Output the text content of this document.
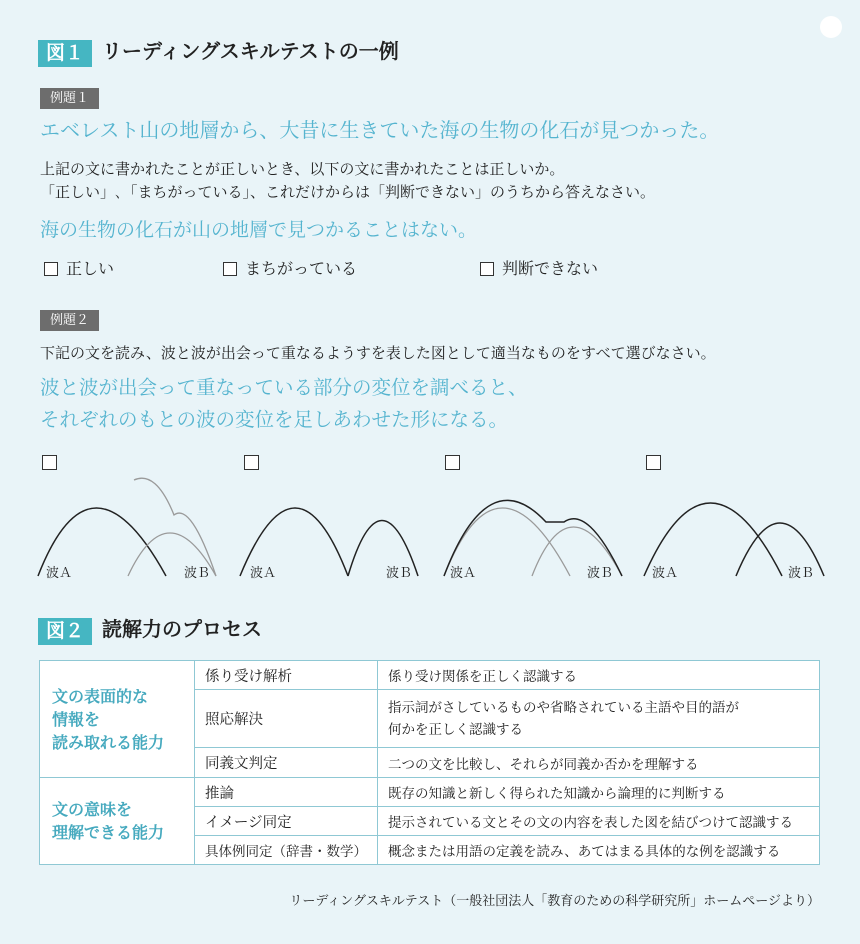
図１ リーディングスキルテストの一例
例題１
エベレスト山の地層から、大昔に生きていた海の生物の化石が見つかった。
上記の文に書かれたことが正しいとき、以下の文に書かれたことは正しいか。
「正しい」､「まちがっている」、これだけからは「判断できない」のうちから答えなさい。
海の生物の化石が山の地層で見つかることはない。
正しい	まちがっている	判断できない
例題２
下記の文を読み、波と波が出会って重なるようすを表した図として適当なものをすべて選びなさい。
波と波が出会って重なっている部分の変位を調べると、
それぞれのもとの波の変位を足しあわせた形になる。
波Ａ	波Ｂ	波Ａ	波Ｂ	波Ａ	波Ｂ	波Ａ	波Ｂ
図２ 読解力のプロセス
文の表面的な
情報を
読み取れる能力	係り受け解析	係り受け関係を正しく認識する
	照応解決	指示詞がさしているものや省略されている主語や目的語が
何かを正しく認識する

	同義文判定	二つの文を比較し、それらが同義か否かを理解する

文の意味を
理解できる能力	推論	既存の知識と新しく得られた知識から論理的に判断する
	イメージ同定	提示されている文とその文の内容を表した図を結びつけて認識する
	具体例同定（辞書・数学）	概念または用語の定義を読み、あてはまる具体的な例を認識する
リーディングスキルテスト（一般社団法人「教育のための科学研究所」ホームページより）
